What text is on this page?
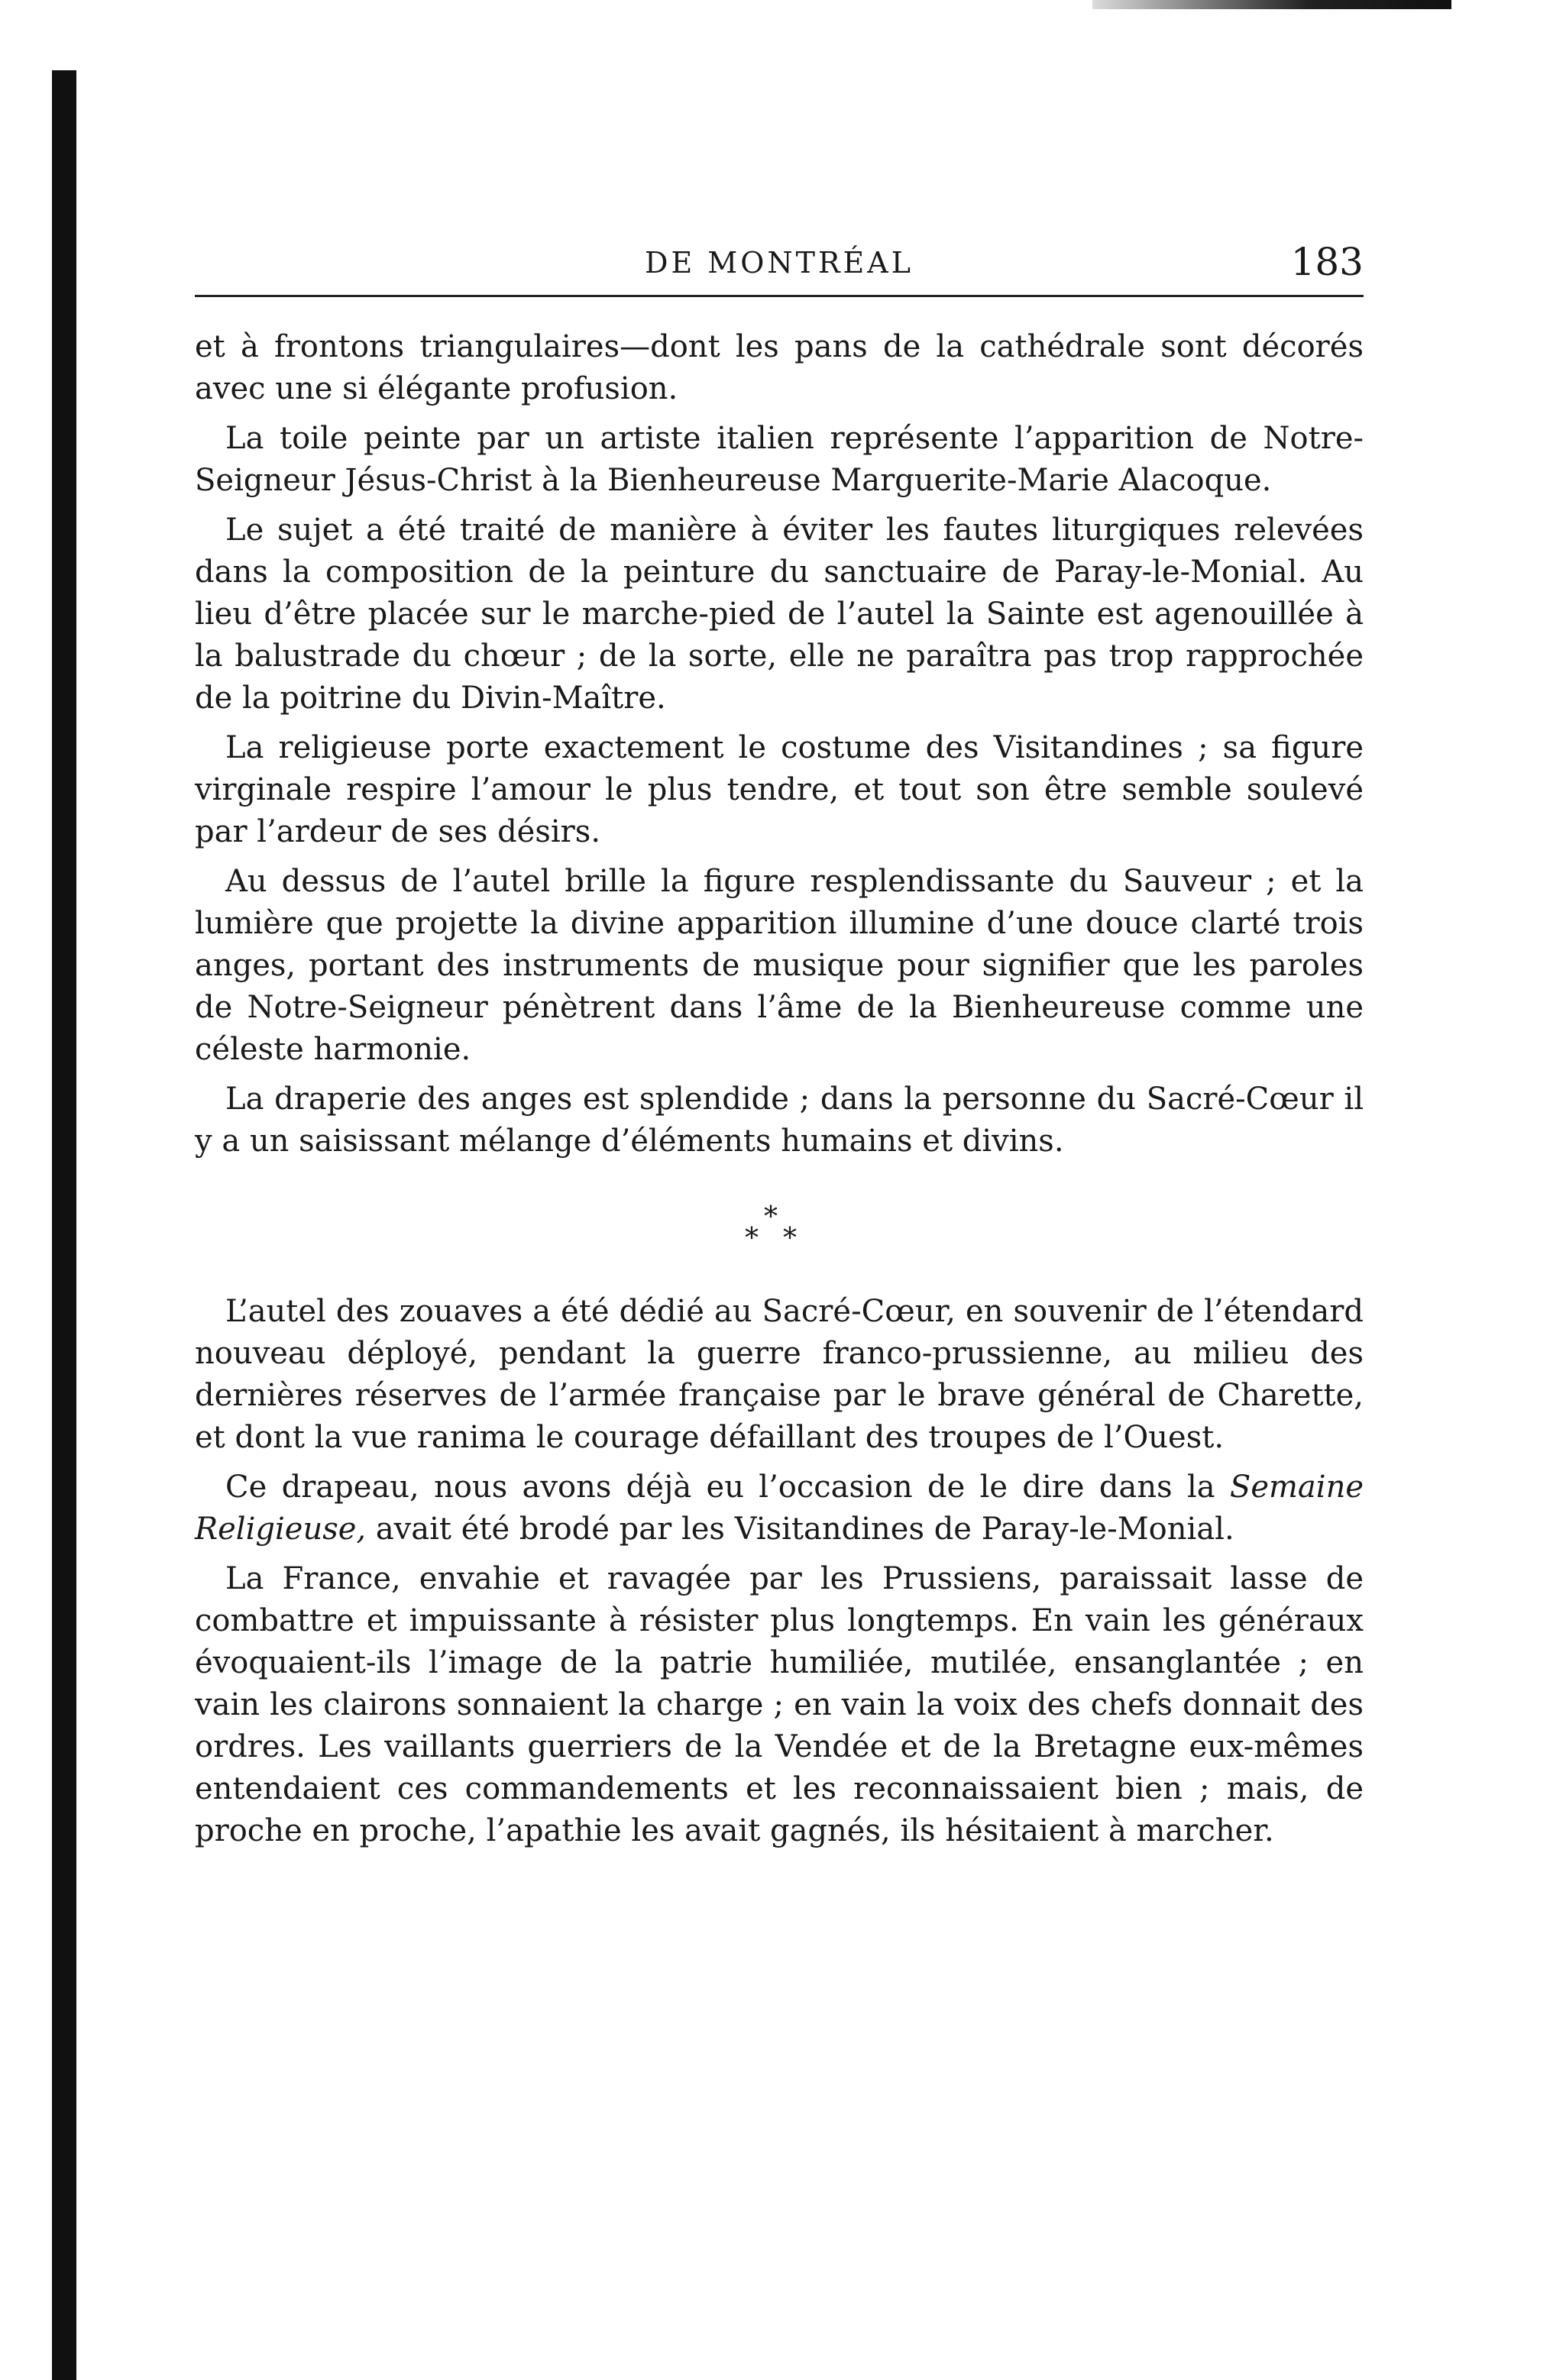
DE MONTRÉAL	183

et à frontons triangulaires—dont les pans de la cathédrale sont décorés avec une si élégante profusion.

La toile peinte par un artiste italien représente l’apparition de Notre-Seigneur Jésus-Christ à la Bienheureuse Marguerite-Marie Alacoque.

Le sujet a été traité de manière à éviter les fautes liturgiques relevées dans la composition de la peinture du sanctuaire de Paray-le-Monial. Au lieu d’être placée sur le marche-pied de l’autel la Sainte est agenouillée à la balustrade du chœur ; de la sorte, elle ne paraîtra pas trop rapprochée de la poitrine du Divin-Maître.

La religieuse porte exactement le costume des Visitandines ; sa figure virginale respire l’amour le plus tendre, et tout son être semble soulevé par l’ardeur de ses désirs.

Au dessus de l’autel brille la figure resplendissante du Sauveur ; et la lumière que projette la divine apparition illumine d’une douce clarté trois anges, portant des instruments de musique pour signifier que les paroles de Notre-Seigneur pénètrent dans l’âme de la Bienheureuse comme une céleste harmonie.

La draperie des anges est splendide ; dans la personne du Sacré-Cœur il y a un saisissant mélange d’éléments humains et divins.

*
* *

L’autel des zouaves a été dédié au Sacré-Cœur, en souvenir de l’étendard nouveau déployé, pendant la guerre franco-prussienne, au milieu des dernières réserves de l’armée française par le brave général de Charette, et dont la vue ranima le courage défaillant des troupes de l’Ouest.

Ce drapeau, nous avons déjà eu l’occasion de le dire dans la Semaine Religieuse, avait été brodé par les Visitandines de Paray-le-Monial.

La France, envahie et ravagée par les Prussiens, paraissait lasse de combattre et impuissante à résister plus longtemps. En vain les généraux évoquaient-ils l’image de la patrie humiliée, mutilée, ensanglantée ; en vain les clairons sonnaient la charge ; en vain la voix des chefs donnait des ordres. Les vaillants guerriers de la Vendée et de la Bretagne eux-mêmes entendaient ces commandements et les reconnaissaient bien ; mais, de proche en proche, l’apathie les avait gagnés, ils hésitaient à marcher.
